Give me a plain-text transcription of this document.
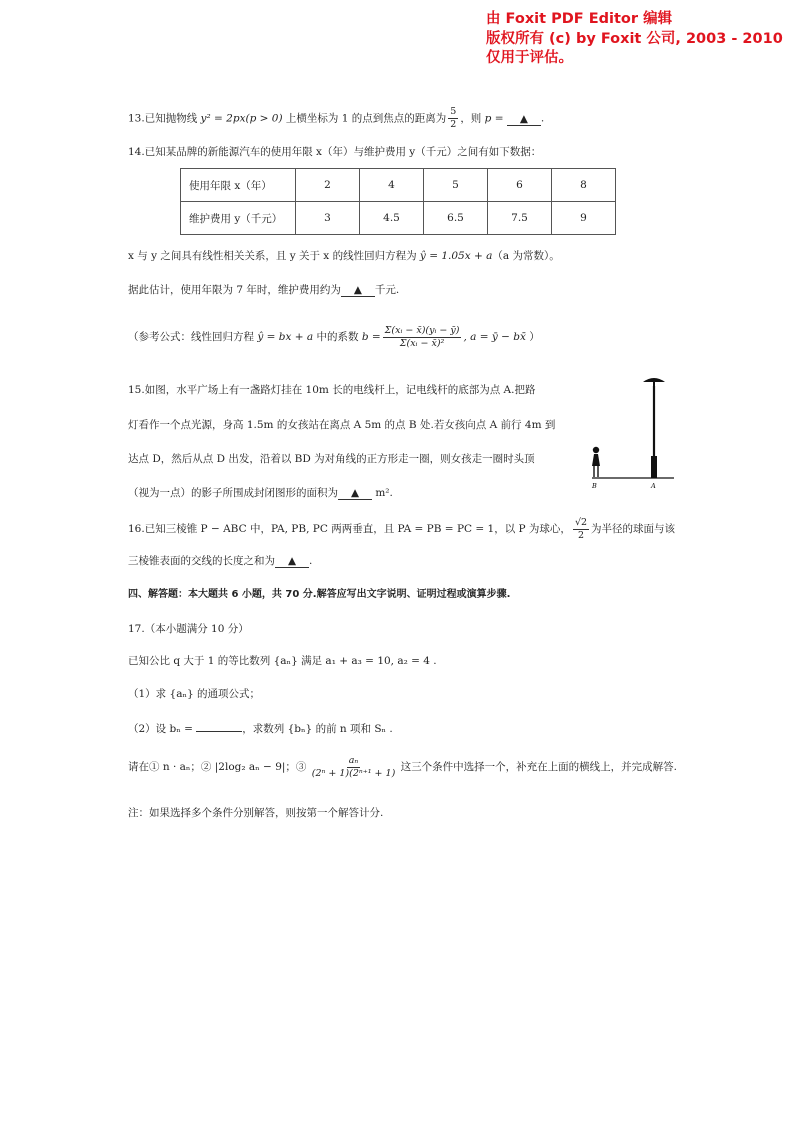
由 Foxit PDF Editor 编辑
版权所有 (c) by Foxit 公司, 2003 - 2010
仅用于评估。
13.已知抛物线 y² = 2px(p > 0) 上横坐标为 1 的点到焦点的距离为 $\frac{5}{2}$ ，则 p = ▲ .
14.已知某品牌的新能源汽车的使用年限 x（年）与维护费用 y（千元）之间有如下数据：
使用年限 x（年）	2	4	5	6	8
维护费用 y（千元）	3	4.5	6.5	7.5	9
x 与 y 之间具有线性相关关系，且 y 关于 x 的线性回归方程为 ŷ = 1.05x + a（a 为常数）。
据此估计，使用年限为 7 年时，维护费用约为 ▲ 千元.
（参考公式：线性回归方程 ŷ = bx + a 中的系数 $b = \frac{\text{Σ(xᵢ − x̄)(yᵢ − ȳ)}}{\text{Σ(xᵢ − x̄)²}}$ , a = ȳ − bx̄ ）
15.如图，水平广场上有一盏路灯挂在 10m 长的电线杆上，记电线杆的底部为点 A.把路
灯看作一个点光源，身高 1.5m 的女孩站在离点 A 5m 的点 B 处.若女孩向点 A 前行 4m 到
达点 D，然后从点 D 出发，沿着以 BD 为对角线的正方形走一圈，则女孩走一圈时头顶
（视为一点）的影子所围成封闭图形的面积为 ▲ m².
B	A
16.已知三棱锥 P − ABC 中，PA, PB, PC 两两垂直，且 PA = PB = PC = 1，以 P 为球心， $\frac{√2}{2}$ 为半径的球面与该
三棱锥表面的交线的长度之和为 ▲ .
四、解答题：本大题共 6 小题，共 70 分.解答应写出文字说明、证明过程或演算步骤.
17.（本小题满分 10 分）
已知公比 q 大于 1 的等比数列 {aₙ} 满足 a₁ + a₃ = 10, a₂ = 4 .
（1）求 {aₙ} 的通项公式；
（2）设 bₙ =	，求数列 {bₙ} 的前 n 项和 Sₙ .
请在① n · aₙ；② |2log₂ aₙ − 9|；③ $\frac{\text{aₙ}}{\text{(2ⁿ + 1)(2ⁿ⁺¹ + 1)}}$ 这三个条件中选择一个，补充在上面的横线上，并完成解答.
注：如果选择多个条件分别解答，则按第一个解答计分.
